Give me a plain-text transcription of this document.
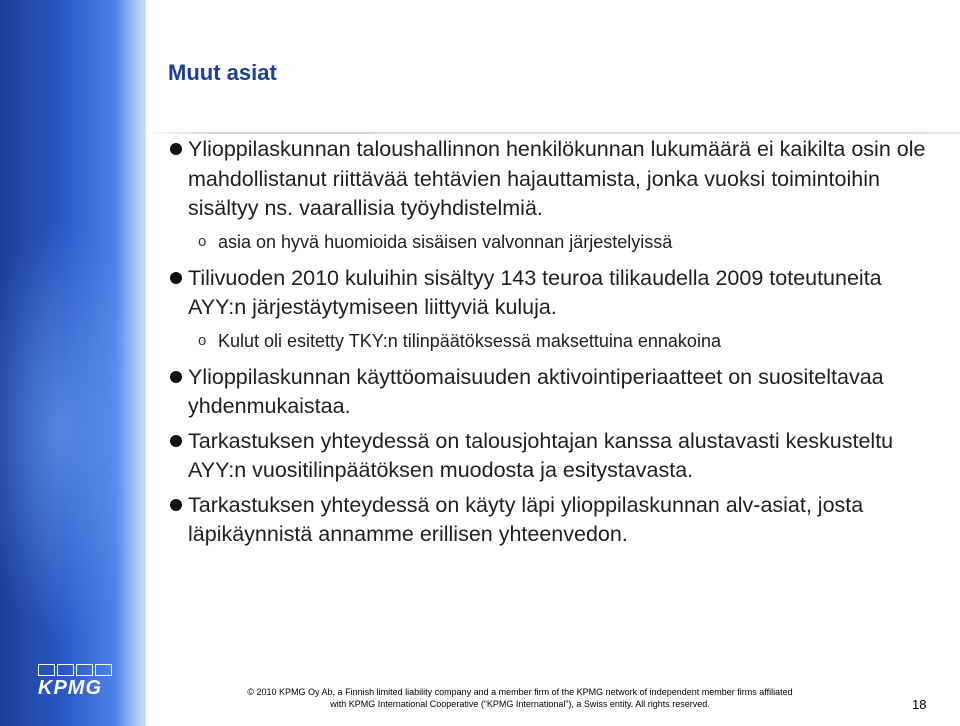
KPMG
Muut asiat
Ylioppilaskunnan taloushallinnon henkilökunnan lukumäärä ei kaikilta osin ole mahdollistanut riittävää tehtävien hajauttamista, jonka vuoksi toimintoihin sisältyy ns. vaarallisia työyhdistelmiä.
o asia on hyvä huomioida sisäisen valvonnan järjestelyissä
Tilivuoden 2010 kuluihin sisältyy 143 teuroa tilikaudella 2009 toteutuneita AYY:n järjestäytymiseen liittyviä kuluja.
o Kulut oli esitetty TKY:n tilinpäätöksessä maksettuina ennakoina
Ylioppilaskunnan käyttöomaisuuden aktivointiperiaatteet on suositeltavaa yhdenmukaistaa.
Tarkastuksen yhteydessä on talousjohtajan kanssa alustavasti keskusteltu AYY:n vuositilinpäätöksen muodosta ja esitystavasta.
Tarkastuksen yhteydessä on käyty läpi ylioppilaskunnan alv-asiat, josta läpikäynnistä annamme erillisen yhteenvedon.
© 2010 KPMG Oy Ab, a Finnish limited liability company and a member firm of the KPMG network of independent member firms affiliated
with KPMG International Cooperative (“KPMG International”), a Swiss entity. All rights reserved.	18
